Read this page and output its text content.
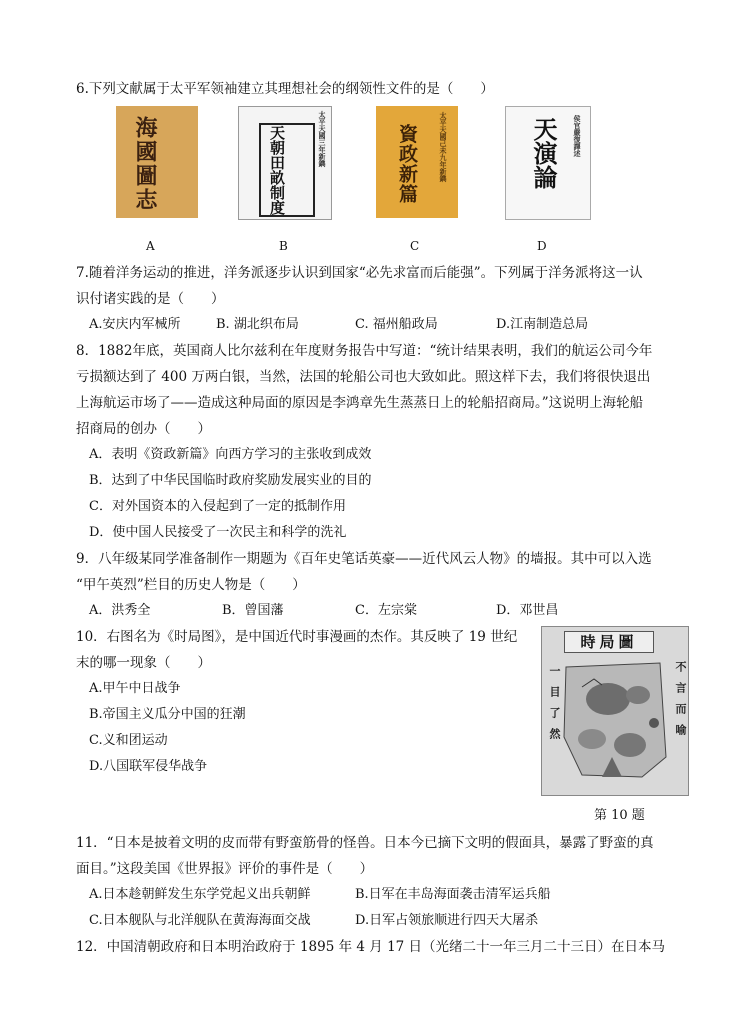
6.下列文献属于太平军领袖建立其理想社会的纲领性文件的是（　　）
海國圖志
A
太平天國三年新鐫
天朝田畝制度
B
太平天國己未九年新鐫
資政新篇
C
侯官嚴復譯述
天演論
D
7.随着洋务运动的推进，洋务派逐步认识到国家“必先求富而后能强”。下列属于洋务派将这一认
识付诸实践的是（　　）
A.安庆内军械所	B. 湖北织布局	C. 福州船政局	D.江南制造总局
8．1882年底，英国商人比尔兹利在年度财务报告中写道：“统计结果表明，我们的航运公司今年
亏损额达到了 400 万两白银，当然，法国的轮船公司也大致如此。照这样下去，我们将很快退出
上海航运市场了——造成这种局面的原因是李鸿章先生蒸蒸日上的轮船招商局。”这说明上海轮船
招商局的创办（　　）
A．表明《资政新篇》向西方学习的主张收到成效
B．达到了中华民国临时政府奖励发展实业的目的
C．对外国资本的入侵起到了一定的抵制作用
D．使中国人民接受了一次民主和科学的洗礼
9．八年级某同学准备制作一期题为《百年史笔话英豪——近代风云人物》的墙报。其中可以入选
“甲午英烈”栏目的历史人物是（　　）
A．洪秀全	B．曾国藩	C．左宗棠	D．邓世昌
10．右图名为《时局图》，是中国近代时事漫画的杰作。其反映了 19 世纪
末的哪一现象（　　）
A.甲午中日战争
B.帝国主义瓜分中国的狂潮
C.义和团运动
D.八国联军侵华战争
時局圖
一目了然	不言而喻
第 10 题
11．“日本是披着文明的皮而带有野蛮筋骨的怪兽。日本今已摘下文明的假面具，暴露了野蛮的真
面目。”这段美国《世界报》评价的事件是（　　）
A.日本趁朝鲜发生东学党起义出兵朝鲜	B.日军在丰岛海面袭击清军运兵船
C.日本舰队与北洋舰队在黄海海面交战	D.日军占领旅顺进行四天大屠杀
12．中国清朝政府和日本明治政府于 1895 年 4 月 17 日（光绪二十一年三月二十三日）在日本马
